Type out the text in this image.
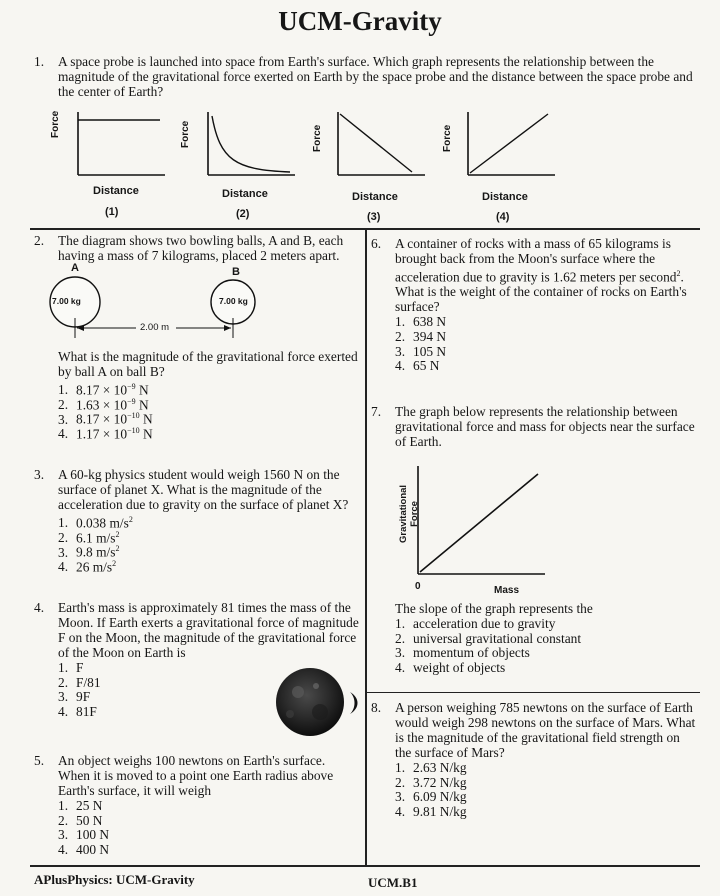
UCM-Gravity
1. A space probe is launched into space from Earth's surface. Which graph represents the relationship between the magnitude of the gravitational force exerted on Earth by the space probe and the distance between the space probe and the center of Earth?
Force	Force	Force	Force
Distance	Distance	Distance	Distance
(1)	(2)	(3)	(4)
2. The diagram shows two bowling balls, A and B, each having a mass of 7 kilograms, placed 2 meters apart.
A	B
7.00 kg	7.00 kg
2.00 m
What is the magnitude of the gravitational force exerted by ball A on ball B?
1. $8.17 \times 10^{-9}$ N
2. $1.63 \times 10^{-9}$ N
3. $8.17 \times 10^{-10}$ N
4. $1.17 \times 10^{-10}$ N
3. A 60-kg physics student would weigh 1560 N on the surface of planet X. What is the magnitude of the acceleration due to gravity on the surface of planet X?
1. 0.038 $m/s^2$
2. 6.1 $m/s^2$
3. 9.8 $m/s^2$
4. 26 $m/s^2$
4. Earth's mass is approximately 81 times the mass of the Moon. If Earth exerts a gravitational force of magnitude F on the Moon, the magnitude of the gravitational force of the Moon on Earth is
1. F
2. F/81
3. 9F
4. 81F
5. An object weighs 100 newtons on Earth's surface. When it is moved to a point one Earth radius above Earth's surface, it will weigh
1. 25 N
2. 50 N
3. 100 N
4. 400 N
6. A container of rocks with a mass of 65 kilograms is brought back from the Moon's surface where the acceleration due to gravity is 1.62 meters per second$^2$. What is the weight of the container of rocks on Earth's surface?
1. 638 N
2. 394 N
3. 105 N
4. 65 N
7. The graph below represents the relationship between gravitational force and mass for objects near the surface of Earth.
Gravitational Force
0	Mass
The slope of the graph represents the
1. acceleration due to gravity
2. universal gravitational constant
3. momentum of objects
4. weight of objects
8. A person weighing 785 newtons on the surface of Earth would weigh 298 newtons on the surface of Mars. What is the magnitude of the gravitational field strength on the surface of Mars?
1. 2.63 N/kg
2. 3.72 N/kg
3. 6.09 N/kg
4. 9.81 N/kg
APlusPhysics: UCM-Gravity	UCM.B1
